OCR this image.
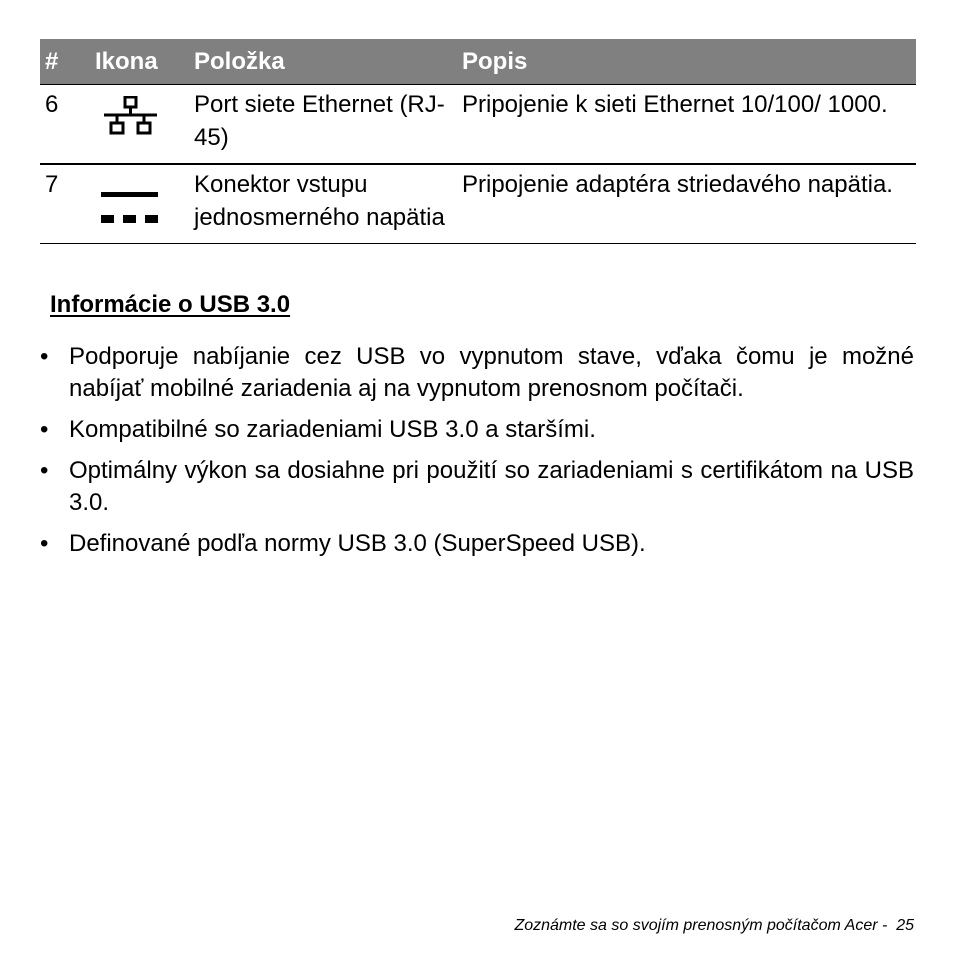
#	Ikona	Položka	Popis
6		Port siete Ethernet (RJ-45)	Pripojenie k sieti Ethernet 10/100/ 1000.
7		Konektor vstupu jednosmerného napätia	Pripojenie adaptéra striedavého napätia.
Informácie o USB 3.0
• Podporuje nabíjanie cez USB vo vypnutom stave, vďaka čomu je možné nabíjať mobilné zariadenia aj na vypnutom prenosnom počítači.
• Kompatibilné so zariadeniami USB 3.0 a staršími.
• Optimálny výkon sa dosiahne pri použití so zariadeniami s certifikátom na USB 3.0.
• Definované podľa normy USB 3.0 (SuperSpeed USB).
Zoznámte sa so svojím prenosným počítačom Acer - 25
